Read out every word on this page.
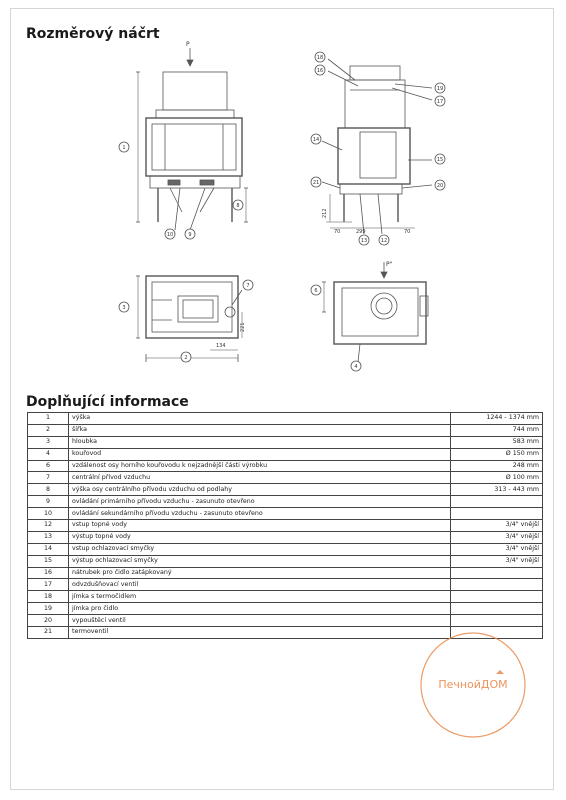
Rozměrový náčrt
P
P"
134
221
212
70	299	70
1
2
3
4
6
7
8
9
10
12
13
14
15
16
17
18
19
20
21
Doplňující informace
1	výška	1244 - 1374 mm
2	šířka	744 mm
3	hloubka	583 mm
4	kouřovod	Ø 150 mm
6	vzdálenost osy horního kouřovodu k nejzadnější části výrobku	248 mm
7	centrální přívod vzduchu	Ø 100 mm
8	výška osy centrálního přívodu vzduchu od podlahy	313 - 443 mm
9	ovládání primárního přívodu vzduchu - zasunuto otevřeno	
10	ovládání sekundárního přívodu vzduchu - zasunuto otevřeno	
12	vstup topné vody	3/4" vnější
13	výstup topné vody	3/4" vnější
14	vstup ochlazovací smyčky	3/4" vnější
15	výstup ochlazovací smyčky	3/4" vnější
16	nátrubek pro čidlo zatápkovaný	
17	odvzdušňovací ventil	
18	jímka s termočidlem	
19	jímka pro čidlo	
20	vypouštěcí ventil	
21	termoventil	
ПечнойДОМ
